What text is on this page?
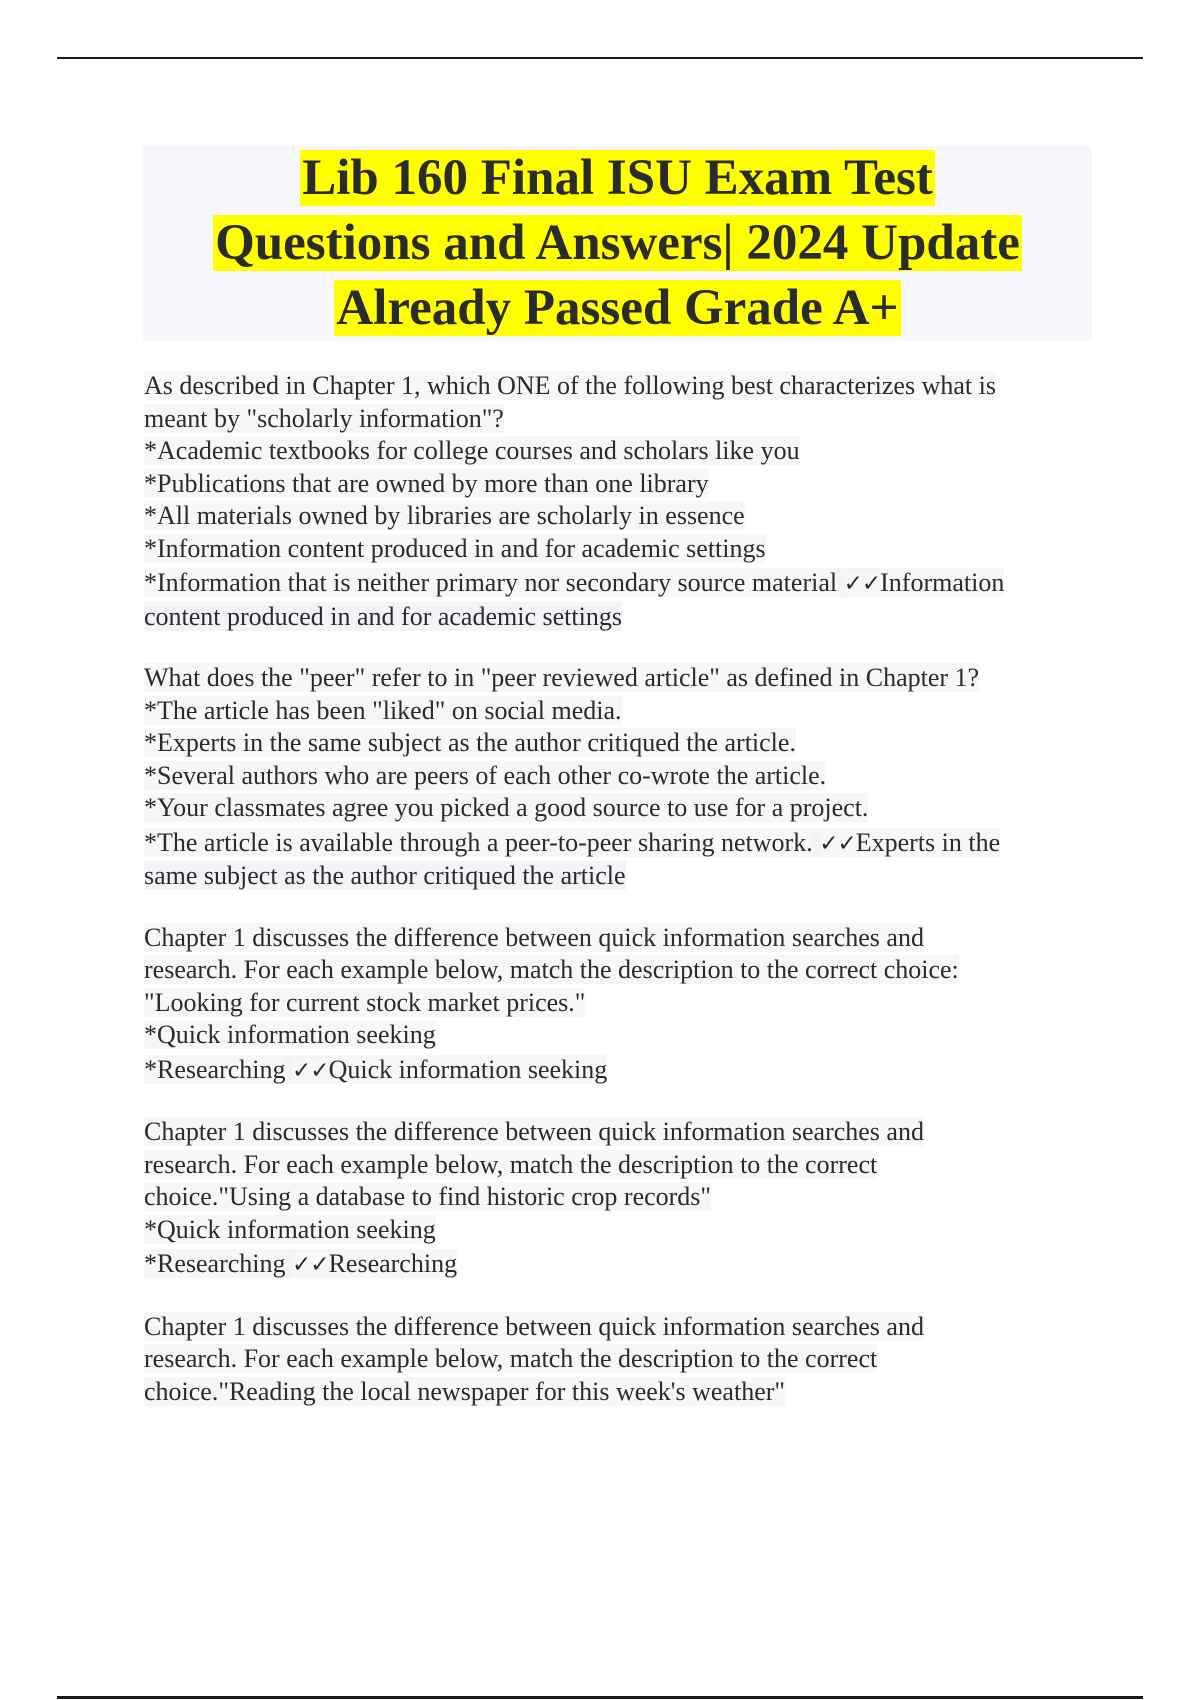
Lib 160 Final ISU Exam Test
Questions and Answers| 2024 Update
Already Passed Grade A+
As described in Chapter 1, which ONE of the following best characterizes what is
meant by "scholarly information"?
*Academic textbooks for college courses and scholars like you
*Publications that are owned by more than one library
*All materials owned by libraries are scholarly in essence
*Information content produced in and for academic settings
*Information that is neither primary nor secondary source material ✓✓Information
content produced in and for academic settings
What does the "peer" refer to in "peer reviewed article" as defined in Chapter 1?
*The article has been "liked" on social media.
*Experts in the same subject as the author critiqued the article.
*Several authors who are peers of each other co-wrote the article.
*Your classmates agree you picked a good source to use for a project.
*The article is available through a peer-to-peer sharing network. ✓✓Experts in the
same subject as the author critiqued the article
Chapter 1 discusses the difference between quick information searches and
research. For each example below, match the description to the correct choice:
"Looking for current stock market prices."
*Quick information seeking
*Researching ✓✓Quick information seeking
Chapter 1 discusses the difference between quick information searches and
research. For each example below, match the description to the correct
choice."Using a database to find historic crop records"
*Quick information seeking
*Researching ✓✓Researching
Chapter 1 discusses the difference between quick information searches and
research. For each example below, match the description to the correct
choice."Reading the local newspaper for this week's weather"
